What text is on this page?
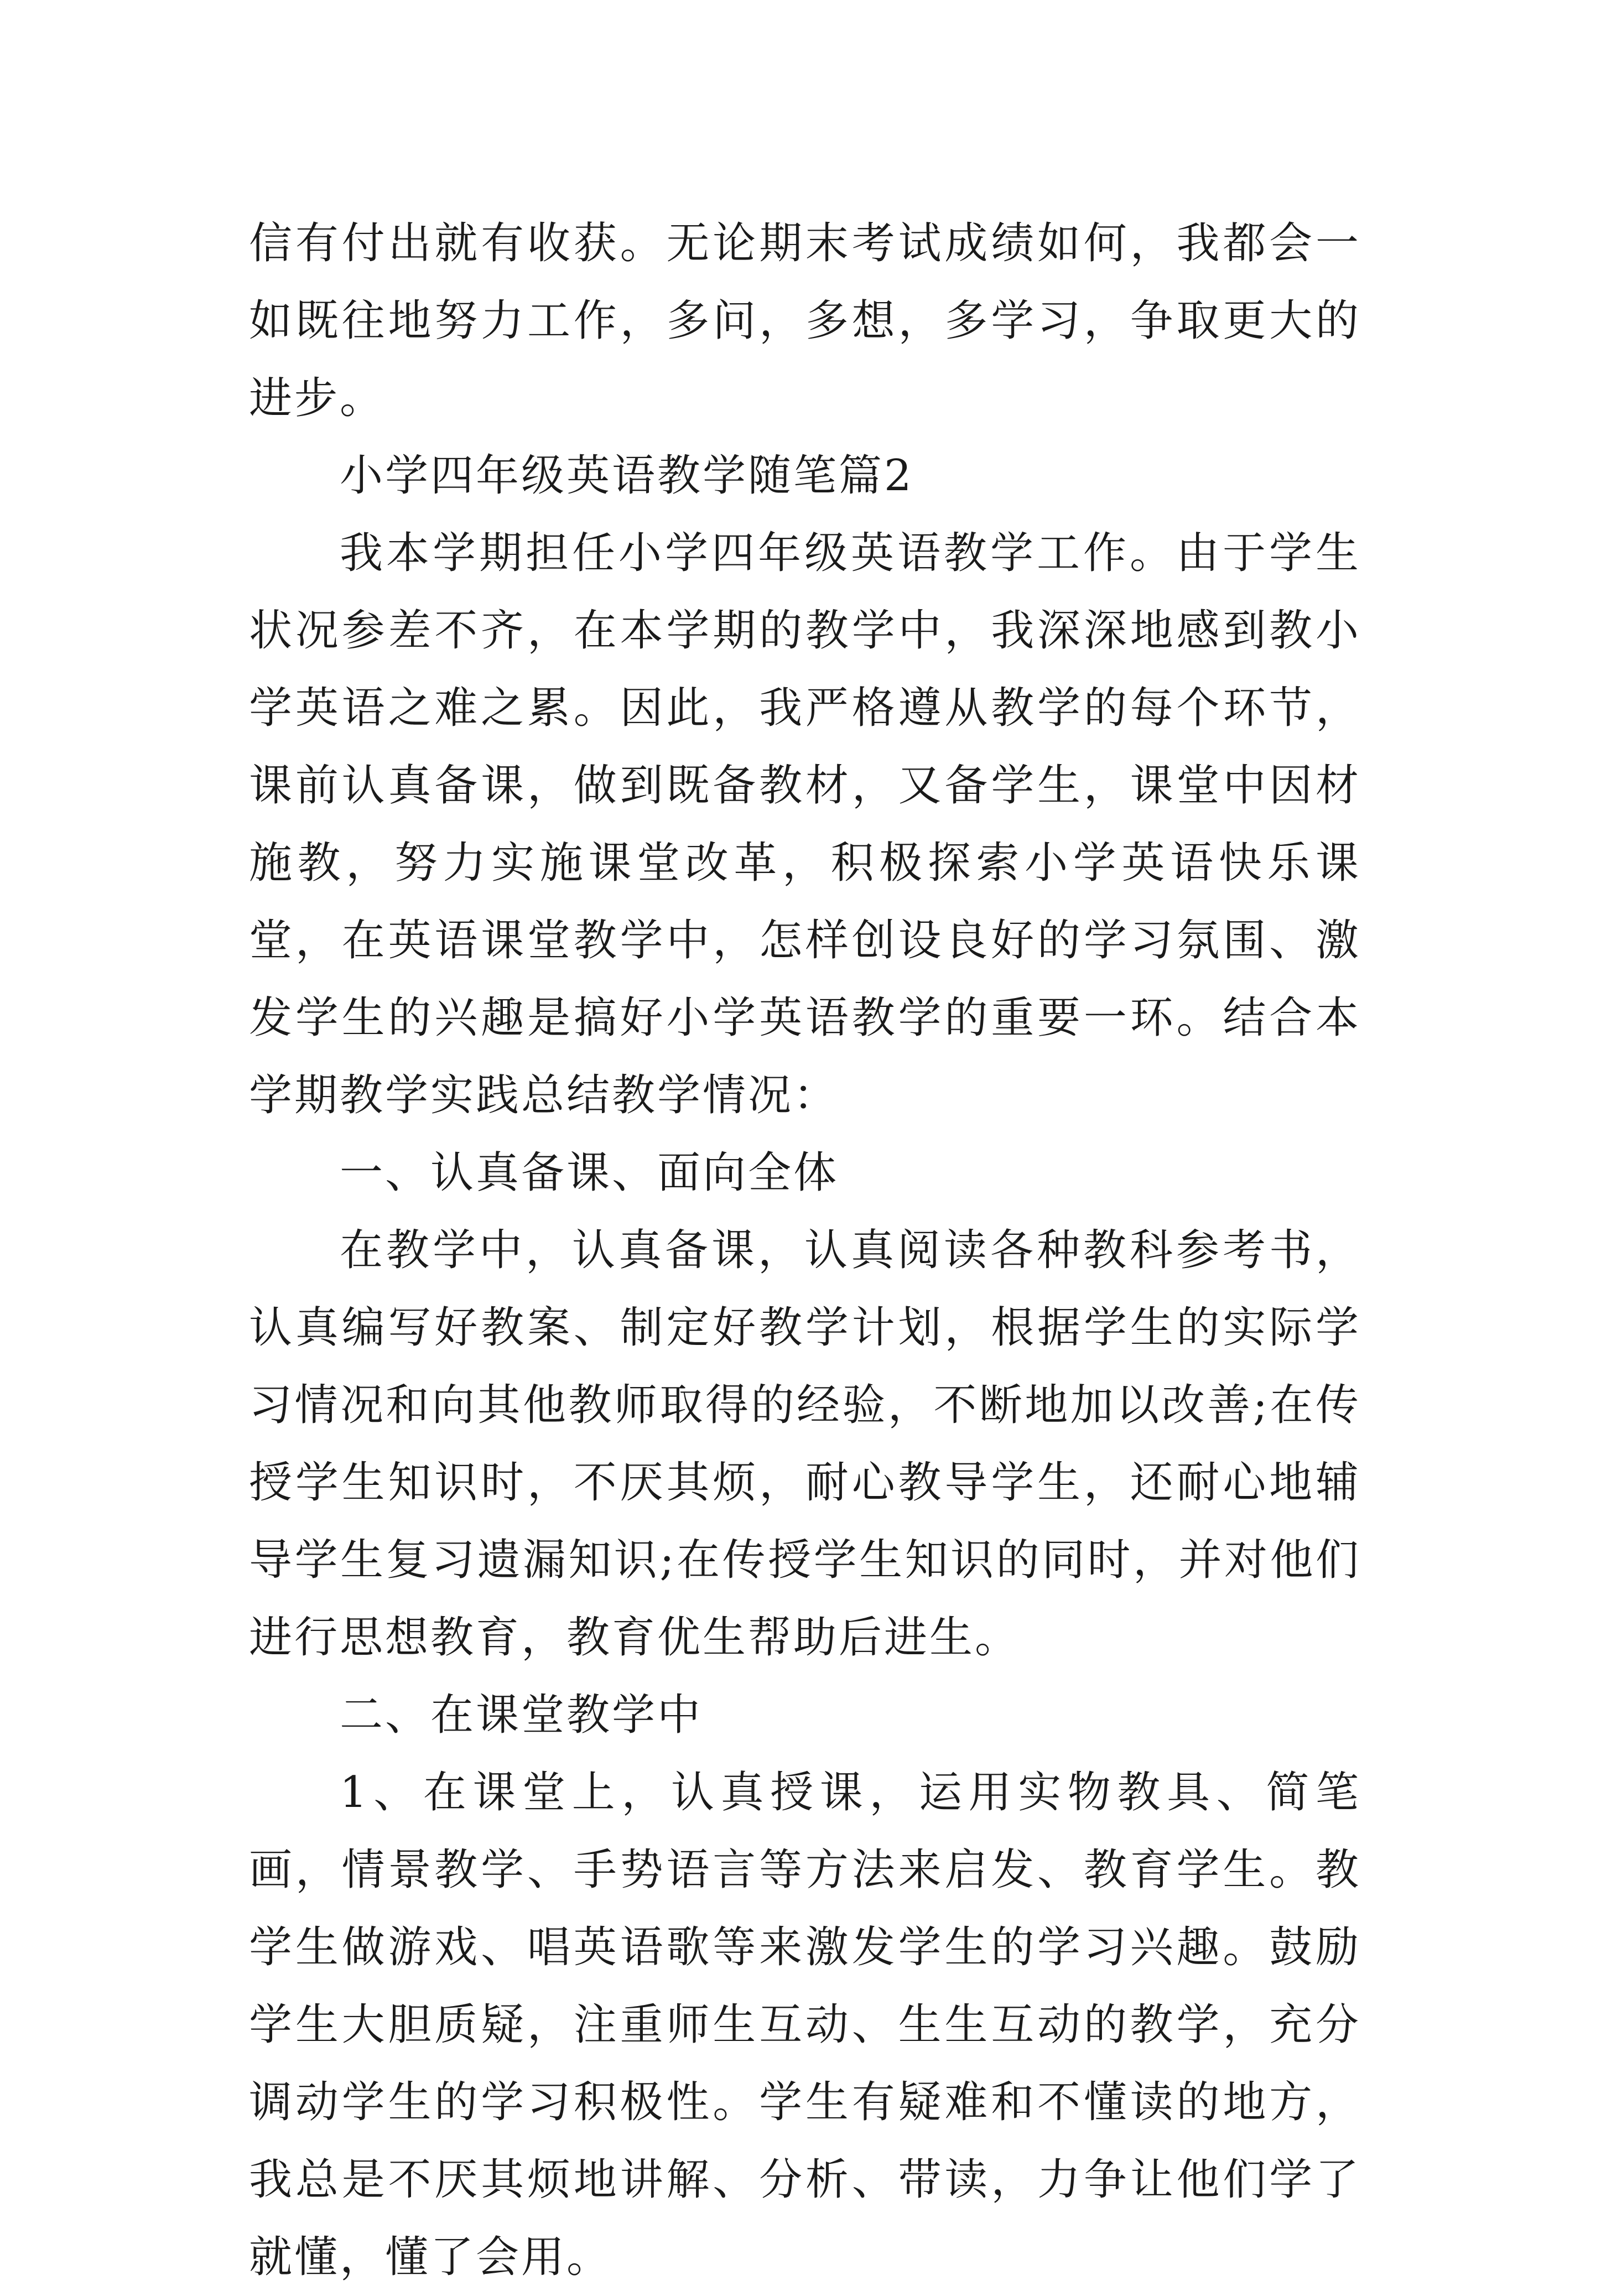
信有付出就有收获。无论期末考试成绩如何，我都会一如既往地努力工作，多问，多想，多学习，争取更大的进步。

小学四年级英语教学随笔篇2

我本学期担任小学四年级英语教学工作。由于学生状况参差不齐，在本学期的教学中，我深深地感到教小学英语之难之累。因此，我严格遵从教学的每个环节，课前认真备课，做到既备教材，又备学生，课堂中因材施教，努力实施课堂改革，积极探索小学英语快乐课堂，在英语课堂教学中，怎样创设良好的学习氛围、激发学生的兴趣是搞好小学英语教学的重要一环。结合本学期教学实践总结教学情况：

一、认真备课、面向全体

在教学中，认真备课，认真阅读各种教科参考书，认真编写好教案、制定好教学计划，根据学生的实际学习情况和向其他教师取得的经验，不断地加以改善;在传授学生知识时，不厌其烦，耐心教导学生，还耐心地辅导学生复习遗漏知识;在传授学生知识的同时，并对他们进行思想教育，教育优生帮助后进生。

二、在课堂教学中

1、在课堂上，认真授课，运用实物教具、简笔画，情景教学、手势语言等方法来启发、教育学生。教学生做游戏、唱英语歌等来激发学生的学习兴趣。鼓励学生大胆质疑，注重师生互动、生生互动的教学，充分调动学生的学习积极性。学生有疑难和不懂读的地方，我总是不厌其烦地讲解、分析、带读，力争让他们学了就懂，懂了会用。
